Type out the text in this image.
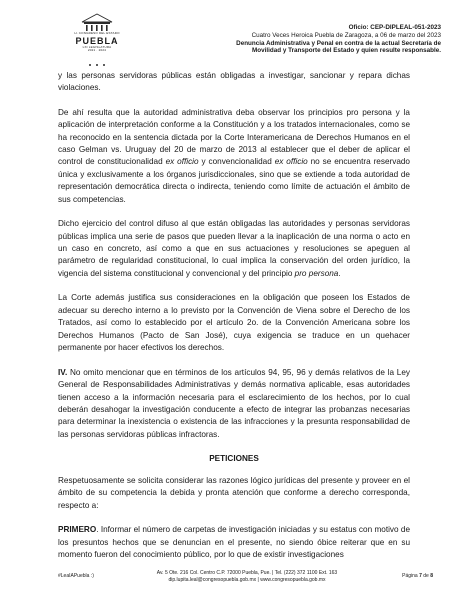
H. CONGRESO DEL ESTADO
PUEBLA
LXI LEGISLATURA
2021 · 2024
Oficio: CEP-DIPLEAL-051-2023
Cuatro Veces Heroica Puebla de Zaragoza, a 06 de marzo del 2023
Denuncia Administrativa y Penal en contra de la actual Secretaría de
Movilidad y Transporte del Estado y quien resulte responsable.

y las personas servidoras públicas están obligadas a investigar, sancionar y repara dichas violaciones.

De ahí resulta que la autoridad administrativa deba observar los principios pro persona y la aplicación de interpretación conforme a la Constitución y a los tratados internacionales, como se ha reconocido en la sentencia dictada por la Corte Interamericana de Derechos Humanos en el caso Gelman vs. Uruguay del 20 de marzo de 2013 al establecer que el deber de aplicar el control de constitucionalidad ex officio y convencionalidad ex officio no se encuentra reservado única y exclusivamente a los órganos jurisdiccionales, sino que se extiende a toda autoridad de representación democrática directa o indirecta, teniendo como límite de actuación el ámbito de sus competencias.

Dicho ejercicio del control difuso al que están obligadas las autoridades y personas servidoras públicas implica una serie de pasos que pueden llevar a la inaplicación de una norma o acto en un caso en concreto, así como a que en sus actuaciones y resoluciones se apeguen al parámetro de regularidad constitucional, lo cual implica la conservación del orden jurídico, la vigencia del sistema constitucional y convencional y del principio pro persona.

La Corte además justifica sus consideraciones en la obligación que poseen los Estados de adecuar su derecho interno a lo previsto por la Convención de Viena sobre el Derecho de los Tratados, así como lo establecido por el artículo 2o. de la Convención Americana sobre los Derechos Humanos (Pacto de San José), cuya exigencia se traduce en un quehacer permanente por hacer efectivos los derechos.

IV. No omito mencionar que en términos de los artículos 94, 95, 96 y demás relativos de la Ley General de Responsabilidades Administrativas y demás normativa aplicable, esas autoridades tienen acceso a la información necesaria para el esclarecimiento de los hechos, por lo cual deberán desahogar la investigación conducente a efecto de integrar las probanzas necesarias para determinar la inexistencia o existencia de las infracciones y la presunta responsabilidad de las personas servidoras públicas infractoras.

PETICIONES

Respetuosamente se solicita considerar las razones lógico jurídicas del presente y proveer en el ámbito de su competencia la debida y pronta atención que conforme a derecho corresponda, respecto a:

PRIMERO. Informar el número de carpetas de investigación iniciadas y su estatus con motivo de los presuntos hechos que se denuncian en el presente, no siendo óbice reiterar que en su momento fueron del conocimiento público, por lo que de existir investigaciones

#LeaIAPuebla :)	Av. 5 Ote. 216 Col. Centro C.P. 72000 Puebla, Pue. | Tel. (222) 372 1100 Ext. 163
dip.lupita.leal@congresopuebla.gob.mx | www.congresopuebla.gob.mx
Página 7 de 8
